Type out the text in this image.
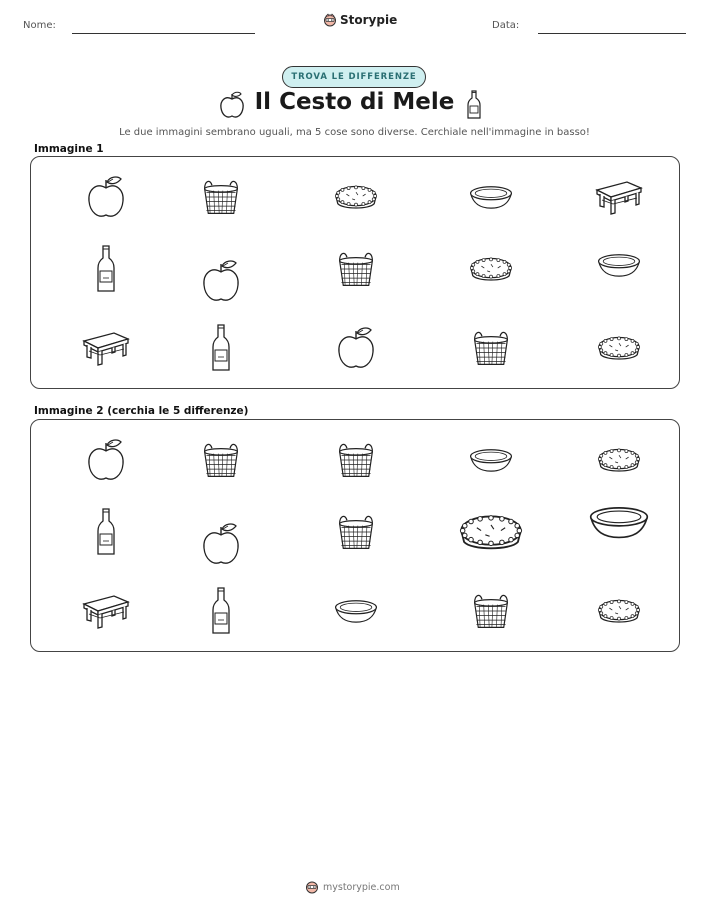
Nome:	Storypie	Data:
TROVA LE DIFFERENZE
Il Cesto di Mele
Le due immagini sembrano uguali, ma 5 cose sono diverse. Cerchiale nell'immagine in basso!
Immagine 1
Immagine 2 (cerchia le 5 differenze)
mystorypie.com
